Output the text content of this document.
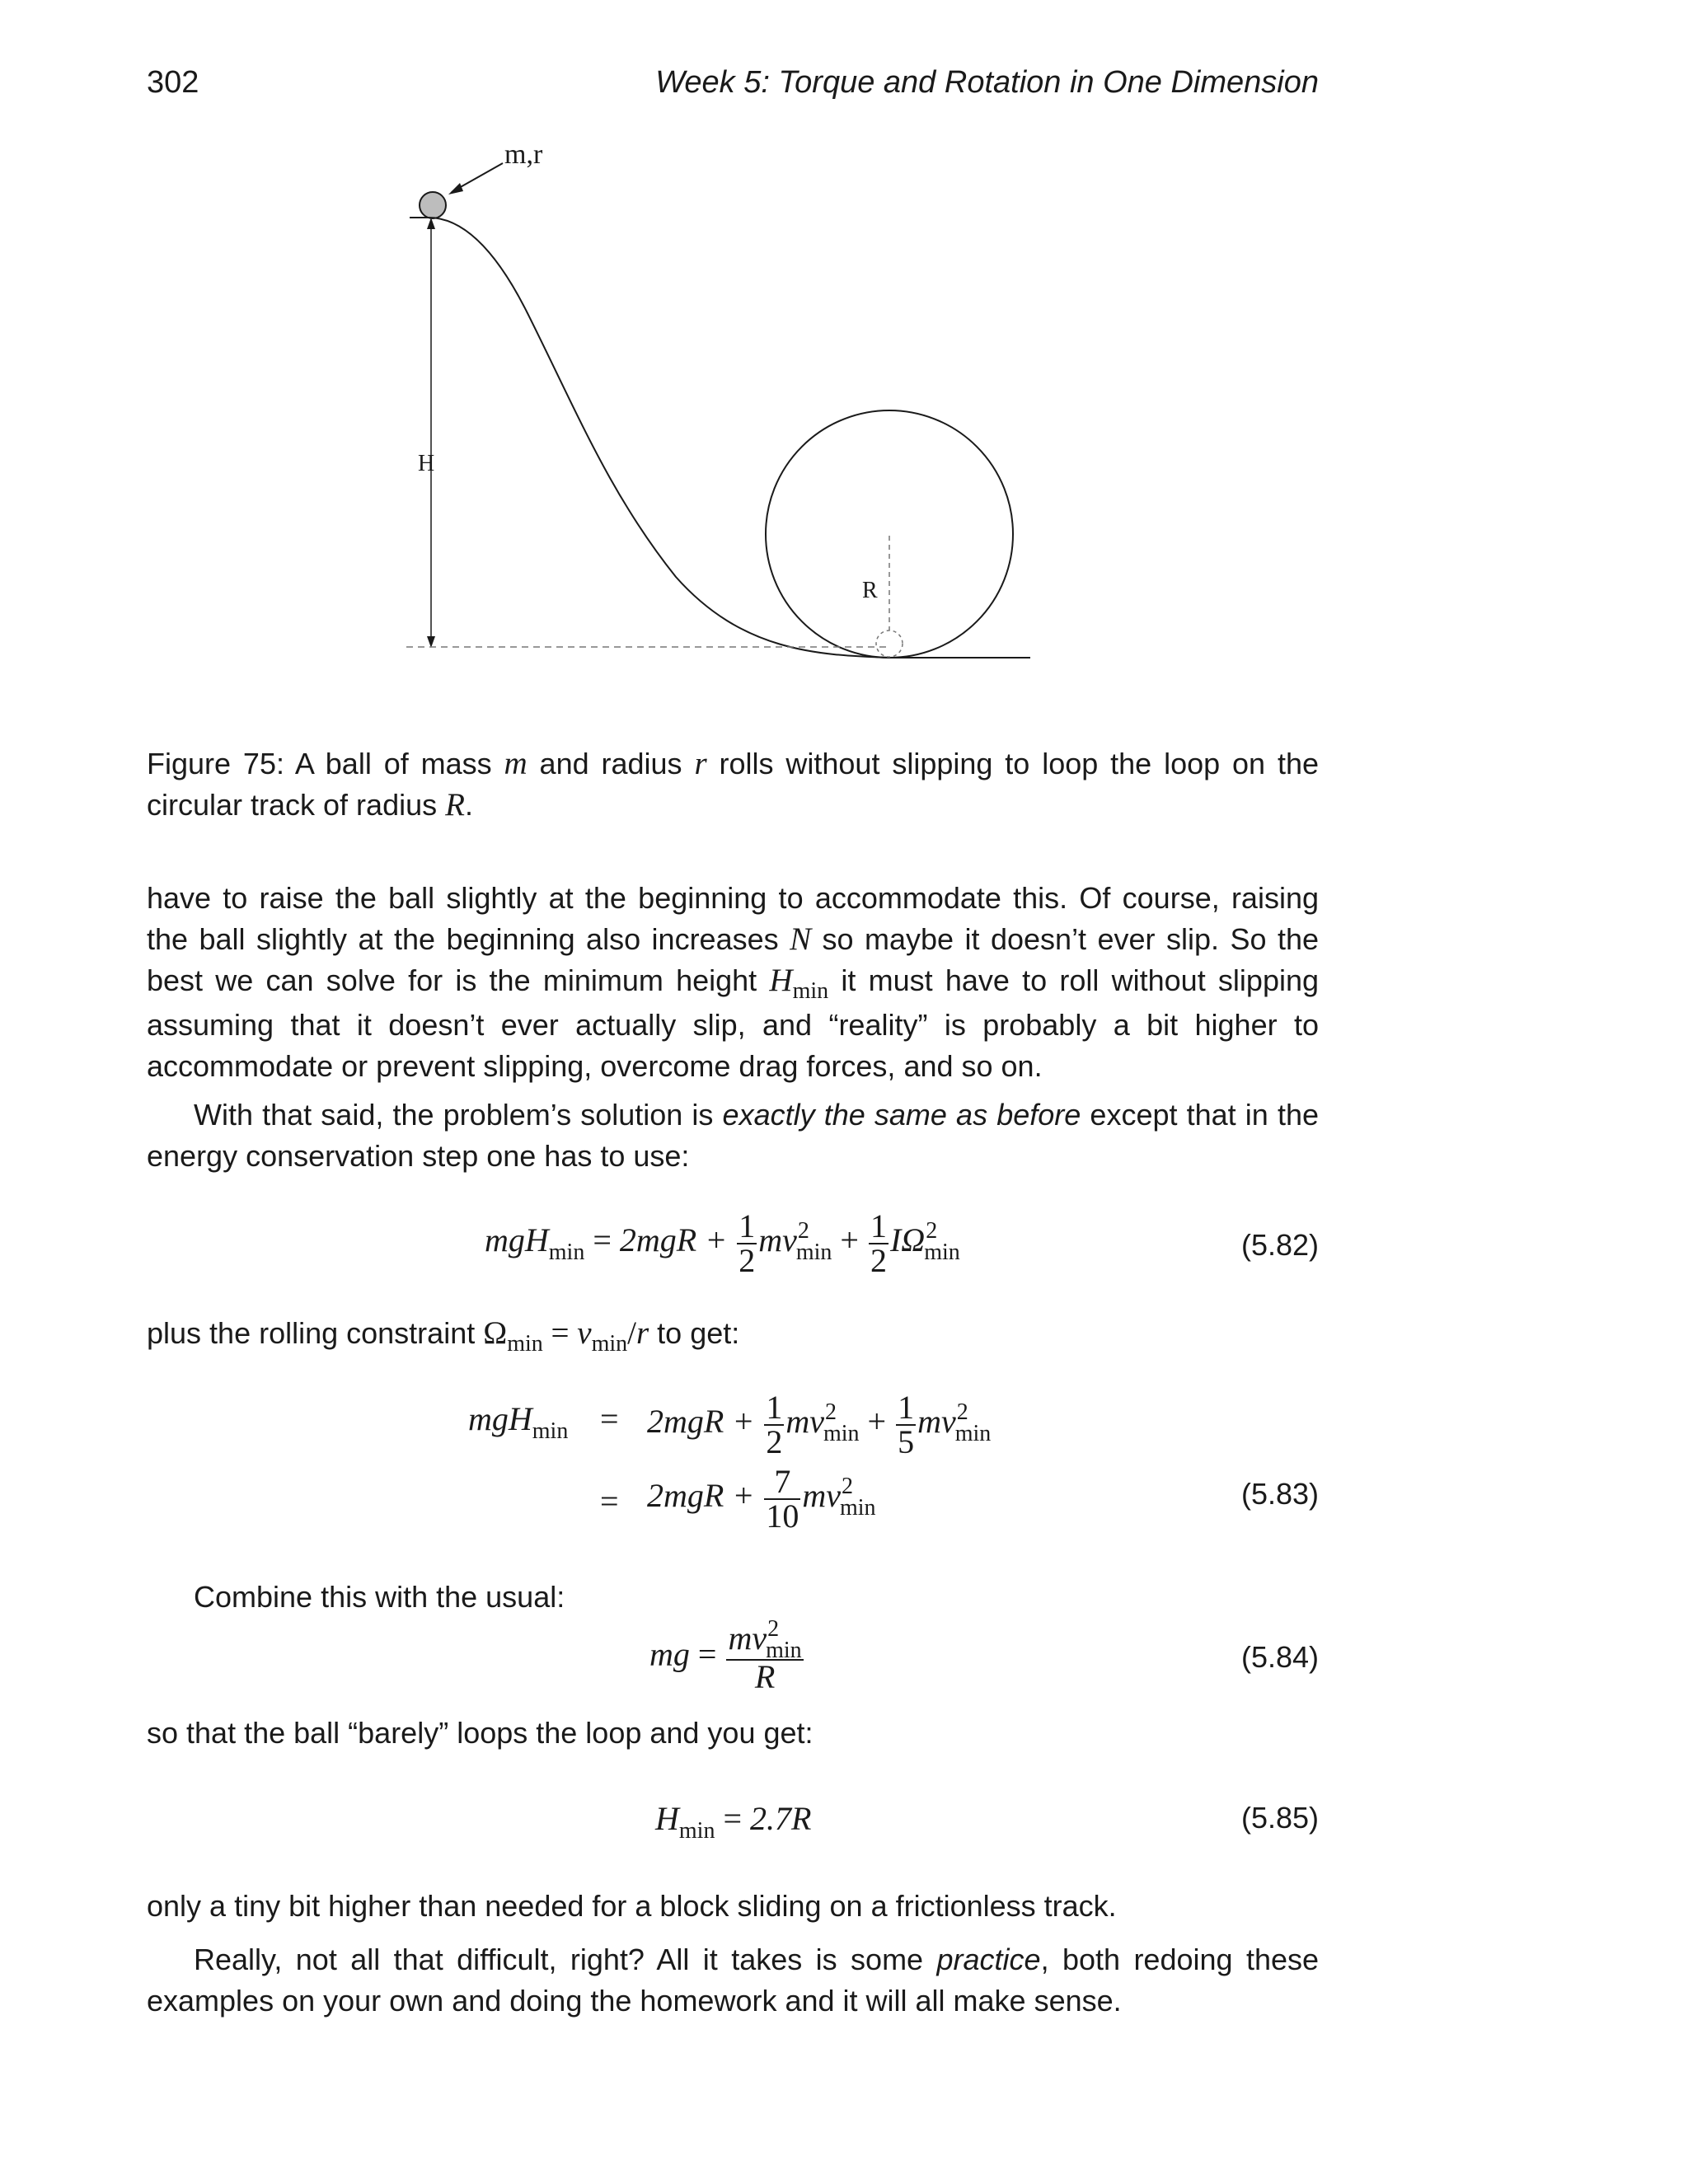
302	Week 5: Torque and Rotation in One Dimension
m,r
H
R

Figure 75: A ball of mass m and radius r rolls without slipping to loop the loop on the circular track of radius R.

have to raise the ball slightly at the beginning to accommodate this. Of course, raising the ball slightly at the beginning also increases N so maybe it doesn’t ever slip. So the best we can solve for is the minimum height $H_{min}$ it must have to roll without slipping assuming that it doesn’t ever actually slip, and “reality” is probably a bit higher to accommodate or prevent slipping, overcome drag forces, and so on.

With that said, the problem’s solution is exactly the same as before except that in the energy conservation step one has to use:

$mgH_{min} = 2mgR + \frac{1}{2} mv^2_{min} + \frac{1}{2} I\Omega^2_{min}$	(5.82)

plus the rolling constraint $\Omega_{min} = v_{min}/r$ to get:

$mgH_{min} = 2mgR + \frac{1}{2} mv^2_{min} + \frac{1}{5} mv^2_{min}$
= $2mgR + \frac{7}{10} mv^2_{min}$	(5.83)

Combine this with the usual:

mg = $\frac{mv^2_{min}}{R}$	(5.84)

so that the ball “barely” loops the loop and you get:

$H_{min} = 2.7R$	(5.85)

only a tiny bit higher than needed for a block sliding on a frictionless track.

Really, not all that difficult, right? All it takes is some practice, both redoing these examples on your own and doing the homework and it will all make sense.
